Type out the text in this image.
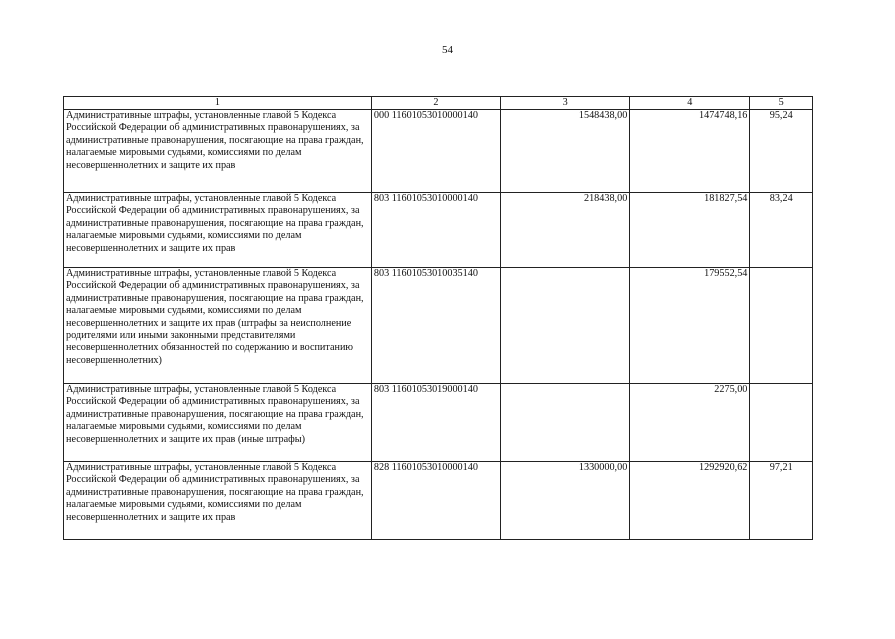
54
1	2	3	4	5
Административные штрафы, установленные главой 5 Кодекса Российской Федерации об административных правонарушениях, за административные правонарушения, посягающие на права граждан, налагаемые мировыми судьями, комиссиями по делам несовершеннолетних и защите их прав	000 11601053010000140	1548438,00	1474748,16	95,24
Административные штрафы, установленные главой 5 Кодекса Российской Федерации об административных правонарушениях, за административные правонарушения, посягающие на права граждан, налагаемые мировыми судьями, комиссиями по делам несовершеннолетних и защите их прав	803 11601053010000140	218438,00	181827,54	83,24
Административные штрафы, установленные главой 5 Кодекса Российской Федерации об административных правонарушениях, за административные правонарушения, посягающие на права граждан, налагаемые мировыми судьями, комиссиями по делам несовершеннолетних и защите их прав (штрафы за неисполнение родителями или иными законными представителями несовершеннолетних обязанностей по содержанию и воспитанию несовершеннолетних)	803 11601053010035140		179552,54	
Административные штрафы, установленные главой 5 Кодекса Российской Федерации об административных правонарушениях, за административные правонарушения, посягающие на права граждан, налагаемые мировыми судьями, комиссиями по делам несовершеннолетних и защите их прав (иные штрафы)	803 11601053019000140		2275,00	
Административные штрафы, установленные главой 5 Кодекса Российской Федерации об административных правонарушениях, за административные правонарушения, посягающие на права граждан, налагаемые мировыми судьями, комиссиями по делам несовершеннолетних и защите их прав	828 11601053010000140	1330000,00	1292920,62	97,21
